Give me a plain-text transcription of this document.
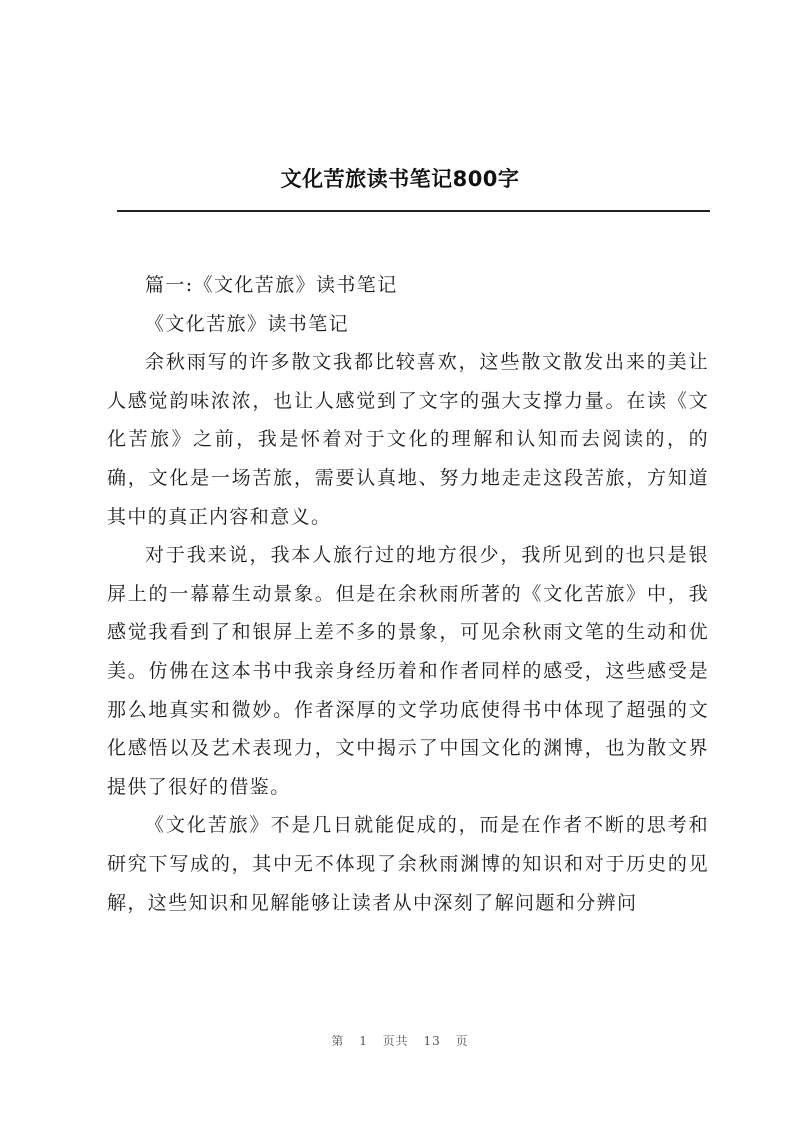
文化苦旅读书笔记800字

篇一:《文化苦旅》读书笔记

《文化苦旅》读书笔记

余秋雨写的许多散文我都比较喜欢，这些散文散发出来的美让人感觉韵味浓浓，也让人感觉到了文字的强大支撑力量。在读《文化苦旅》之前，我是怀着对于文化的理解和认知而去阅读的，的确，文化是一场苦旅，需要认真地、努力地走走这段苦旅，方知道其中的真正内容和意义。

对于我来说，我本人旅行过的地方很少，我所见到的也只是银屏上的一幕幕生动景象。但是在余秋雨所著的《文化苦旅》中，我感觉我看到了和银屏上差不多的景象，可见余秋雨文笔的生动和优美。仿佛在这本书中我亲身经历着和作者同样的感受，这些感受是那么地真实和微妙。作者深厚的文学功底使得书中体现了超强的文化感悟以及艺术表现力，文中揭示了中国文化的渊博，也为散文界提供了很好的借鉴。

《文化苦旅》不是几日就能促成的，而是在作者不断的思考和研究下写成的，其中无不体现了余秋雨渊博的知识和对于历史的见解，这些知识和见解能够让读者从中深刻了解问题和分辨问

第 1 页共 13 页
